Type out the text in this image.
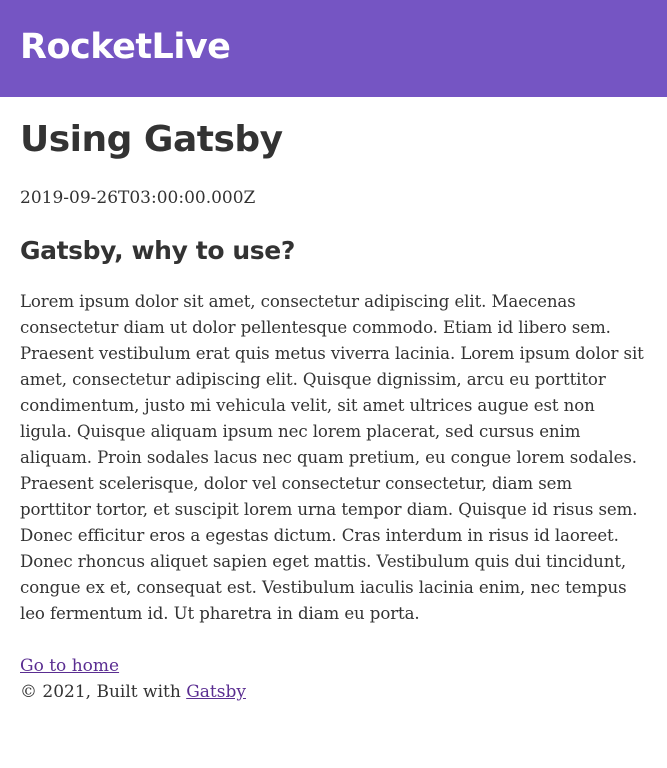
RocketLive
Using Gatsby

2019-09-26T03:00:00.000Z

Gatsby, why to use?

Lorem ipsum dolor sit amet, consectetur adipiscing elit. Maecenas consectetur diam ut dolor pellentesque commodo. Etiam id libero sem. Praesent vestibulum erat quis metus viverra lacinia. Lorem ipsum dolor sit amet, consectetur adipiscing elit. Quisque dignissim, arcu eu porttitor condimentum, justo mi vehicula velit, sit amet ultrices augue est non ligula. Quisque aliquam ipsum nec lorem placerat, sed cursus enim aliquam. Proin sodales lacus nec quam pretium, eu congue lorem sodales. Praesent scelerisque, dolor vel consectetur consectetur, diam sem porttitor tortor, et suscipit lorem urna tempor diam. Quisque id risus sem. Donec efficitur eros a egestas dictum. Cras interdum in risus id laoreet. Donec rhoncus aliquet sapien eget mattis. Vestibulum quis dui tincidunt, congue ex et, consequat est. Vestibulum iaculis lacinia enim, nec tempus leo fermentum id. Ut pharetra in diam eu porta.

Go to home
© 2021, Built with Gatsby
